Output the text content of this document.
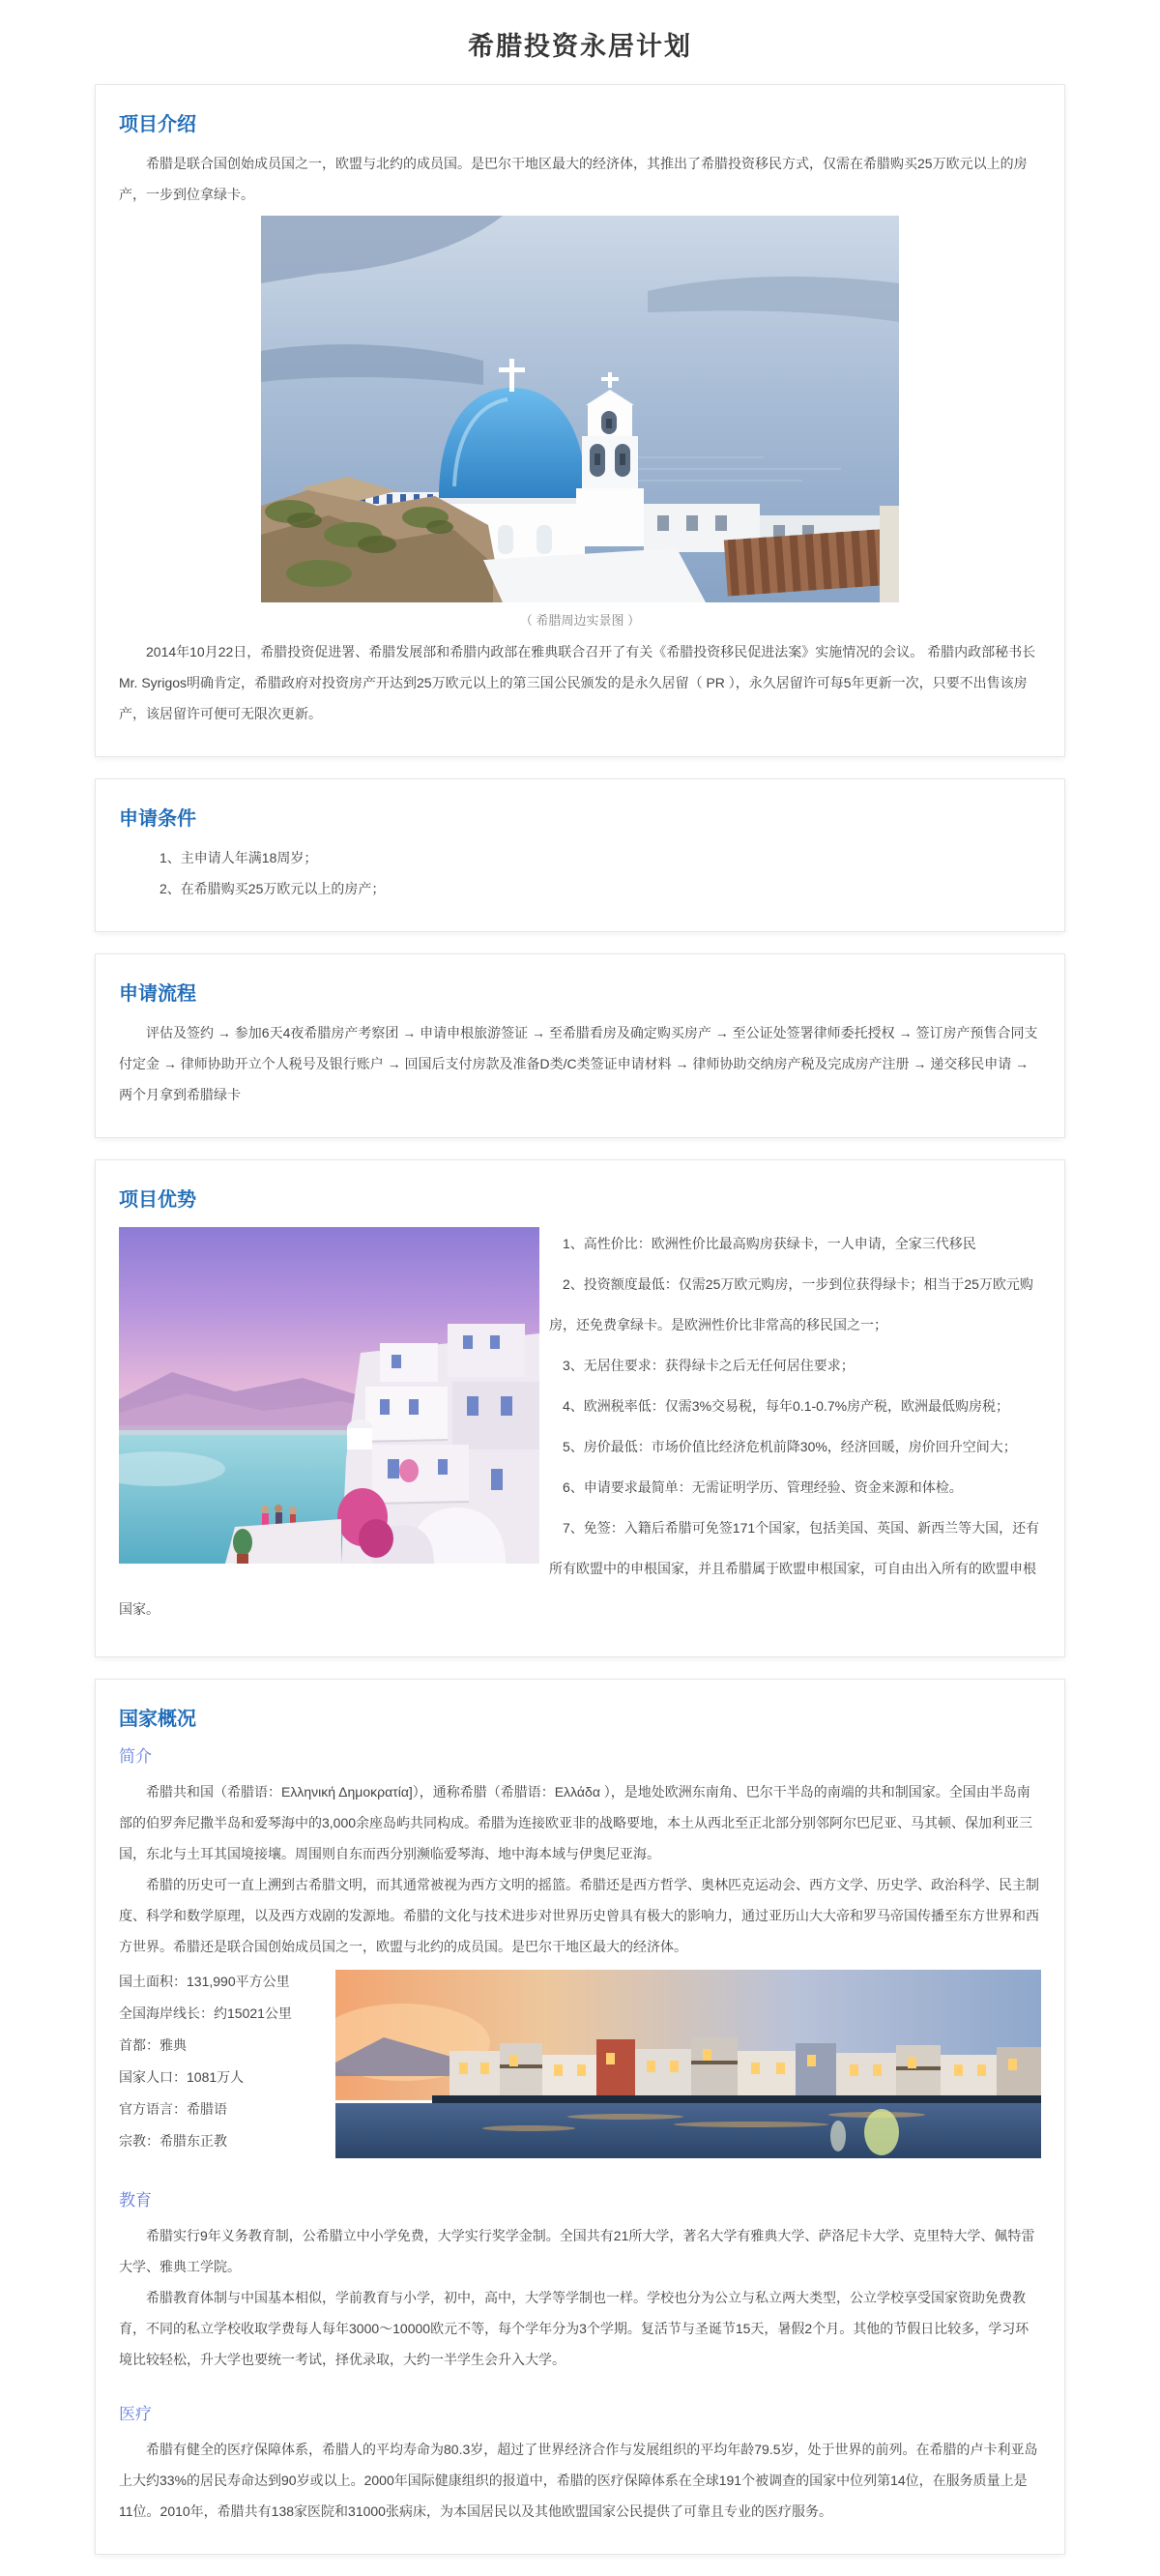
希腊投资永居计划
项目介绍

希腊是联合国创始成员国之一，欧盟与北约的成员国。是巴尔干地区最大的经济体，其推出了希腊投资移民方式，仅需在希腊购买25万欧元以上的房产，一步到位拿绿卡。

（ 希腊周边实景图 ）

2014年10月22日，希腊投资促进署、希腊发展部和希腊内政部在雅典联合召开了有关《希腊投资移民促进法案》实施情况的会议。 希腊内政部秘书长Mr. Syrigos明确肯定，希腊政府对投资房产开达到25万欧元以上的第三国公民颁发的是永久居留（ PR ），永久居留许可每5年更新一次，只要不出售该房产，该居留许可便可无限次更新。

申请条件
1、主申请人年满18周岁；
2、在希腊购买25万欧元以上的房产；
申请流程

评估及签约 → 参加6天4夜希腊房产考察团 → 申请申根旅游签证 → 至希腊看房及确定购买房产 → 至公证处签署律师委托授权 → 签订房产预售合同支付定金 → 律师协助开立个人税号及银行账户 → 回国后支付房款及准备D类/C类签证申请材料 → 律师协助交纳房产税及完成房产注册 → 递交移民申请 → 两个月拿到希腊绿卡

项目优势

1、高性价比：欧洲性价比最高购房获绿卡，一人申请，全家三代移民

2、投资额度最低：仅需25万欧元购房，一步到位获得绿卡；相当于25万欧元购房，还免费拿绿卡。是欧洲性价比非常高的移民国之一；

3、无居住要求：获得绿卡之后无任何居住要求；

4、欧洲税率低：仅需3%交易税，每年0.1-0.7%房产税，欧洲最低购房税；

5、房价最低：市场价值比经济危机前降30%，经济回暖，房价回升空间大；

6、申请要求最简单：无需证明学历、管理经验、资金来源和体检。

7、免签：入籍后希腊可免签171个国家，包括美国、英国、新西兰等大国，还有所有欧盟中的申根国家，并且希腊属于欧盟申根国家，可自由出入所有的欧盟申根国家。

国家概况
简介

希腊共和国（希腊语：Ελληνική Δημοκρατία]），通称希腊（希腊语：Ελλάδα ），是地处欧洲东南角、巴尔干半岛的南端的共和制国家。全国由半岛南部的伯罗奔尼撒半岛和爱琴海中的3,000余座岛屿共同构成。希腊为连接欧亚非的战略要地，本土从西北至正北部分别邻阿尔巴尼亚、马其顿、保加利亚三国，东北与土耳其国境接壤。周围则自东而西分别濒临爱琴海、地中海本域与伊奥尼亚海。

希腊的历史可一直上溯到古希腊文明，而其通常被视为西方文明的摇篮。希腊还是西方哲学、奥林匹克运动会、西方文学、历史学、政治科学、民主制度、科学和数学原理，以及西方戏剧的发源地。希腊的文化与技术进步对世界历史曾具有极大的影响力，通过亚历山大大帝和罗马帝国传播至东方世界和西方世界。希腊还是联合国创始成员国之一，欧盟与北约的成员国。是巴尔干地区最大的经济体。

国土面积：131,990平方公里
全国海岸线长：约15021公里
首都：雅典
国家人口：1081万人
官方语言：希腊语
宗教：希腊东正教
教育

希腊实行9年义务教育制，公希腊立中小学免费，大学实行奖学金制。全国共有21所大学，著名大学有雅典大学、萨洛尼卡大学、克里特大学、佩特雷大学、雅典工学院。

希腊教育体制与中国基本相似，学前教育与小学，初中，高中，大学等学制也一样。学校也分为公立与私立两大类型，公立学校享受国家资助免费教育，不同的私立学校收取学费每人每年3000～10000欧元不等，每个学年分为3个学期。复活节与圣诞节15天，暑假2个月。其他的节假日比较多，学习环境比较轻松，升大学也要统一考试，择优录取，大约一半学生会升入大学。

医疗

希腊有健全的医疗保障体系，希腊人的平均寿命为80.3岁，超过了世界经济合作与发展组织的平均年龄79.5岁，处于世界的前列。在希腊的卢卡利亚岛上大约33%的居民寿命达到90岁或以上。2000年国际健康组织的报道中，希腊的医疗保障体系在全球191个被调查的国家中位列第14位，在服务质量上是11位。2010年，希腊共有138家医院和31000张病床，为本国居民以及其他欧盟国家公民提供了可靠且专业的医疗服务。
